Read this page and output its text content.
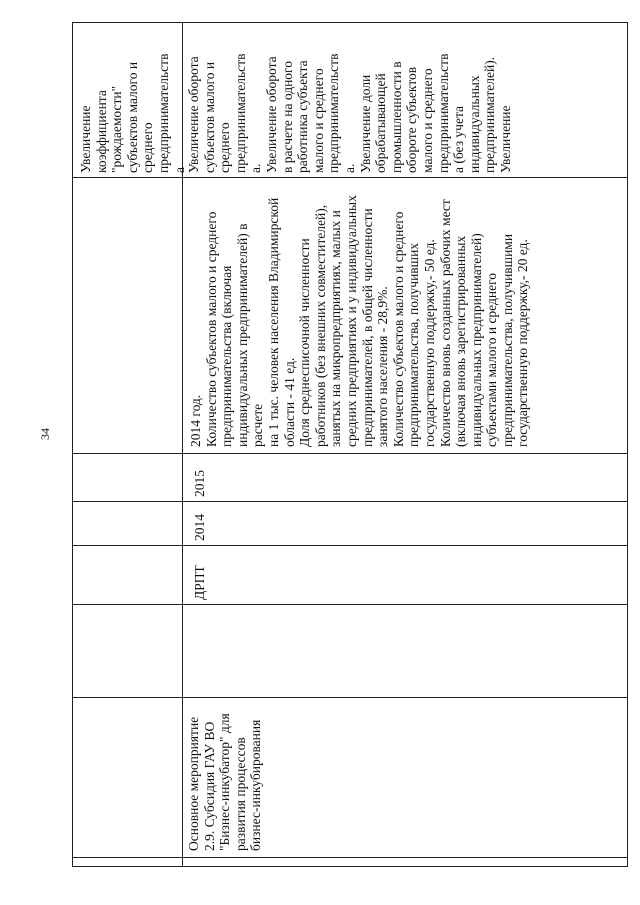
34
Увеличение
коэффициента
"рождаемости"
субъектов малого и
среднего
предпринимательств
а
Основное мероприятие
2.9. Субсидия ГАУ ВО
"Бизнес-инкубатор" для
развития процессов
бизнес-инкубирования
ДРПТ
2014
2015
2014 год.
Количество субъектов малого и среднего
предпринимательства (включая
индивидуальных предпринимателей) в расчете
на 1 тыс. человек населения Владимирской
области - 41 ед.
Доля среднесписочной численности
работников (без внешних совместителей),
занятых на микропредприятиях, малых и
средних предприятиях и у индивидуальных
предпринимателей, в общей численности
занятого населения - 28,9%.
Количество субъектов малого и среднего
предпринимательства, получивших
государственную поддержку,- 50 ед.
Количество вновь созданных рабочих мест
(включая вновь зарегистрированных
индивидуальных предпринимателей)
субъектами малого и среднего
предпринимательства, получившими
государственную поддержку,- 20 ед.
Увеличение оборота
субъектов малого и
среднего
предпринимательств
а.
Увеличение оборота
в расчете на одного
работника субъекта
малого и среднего
предпринимательств
а.
Увеличение доли
обрабатывающей
промышленности в
обороте субъектов
малого и среднего
предпринимательств
а (без учета
индивидуальных
предпринимателей).
Увеличение
